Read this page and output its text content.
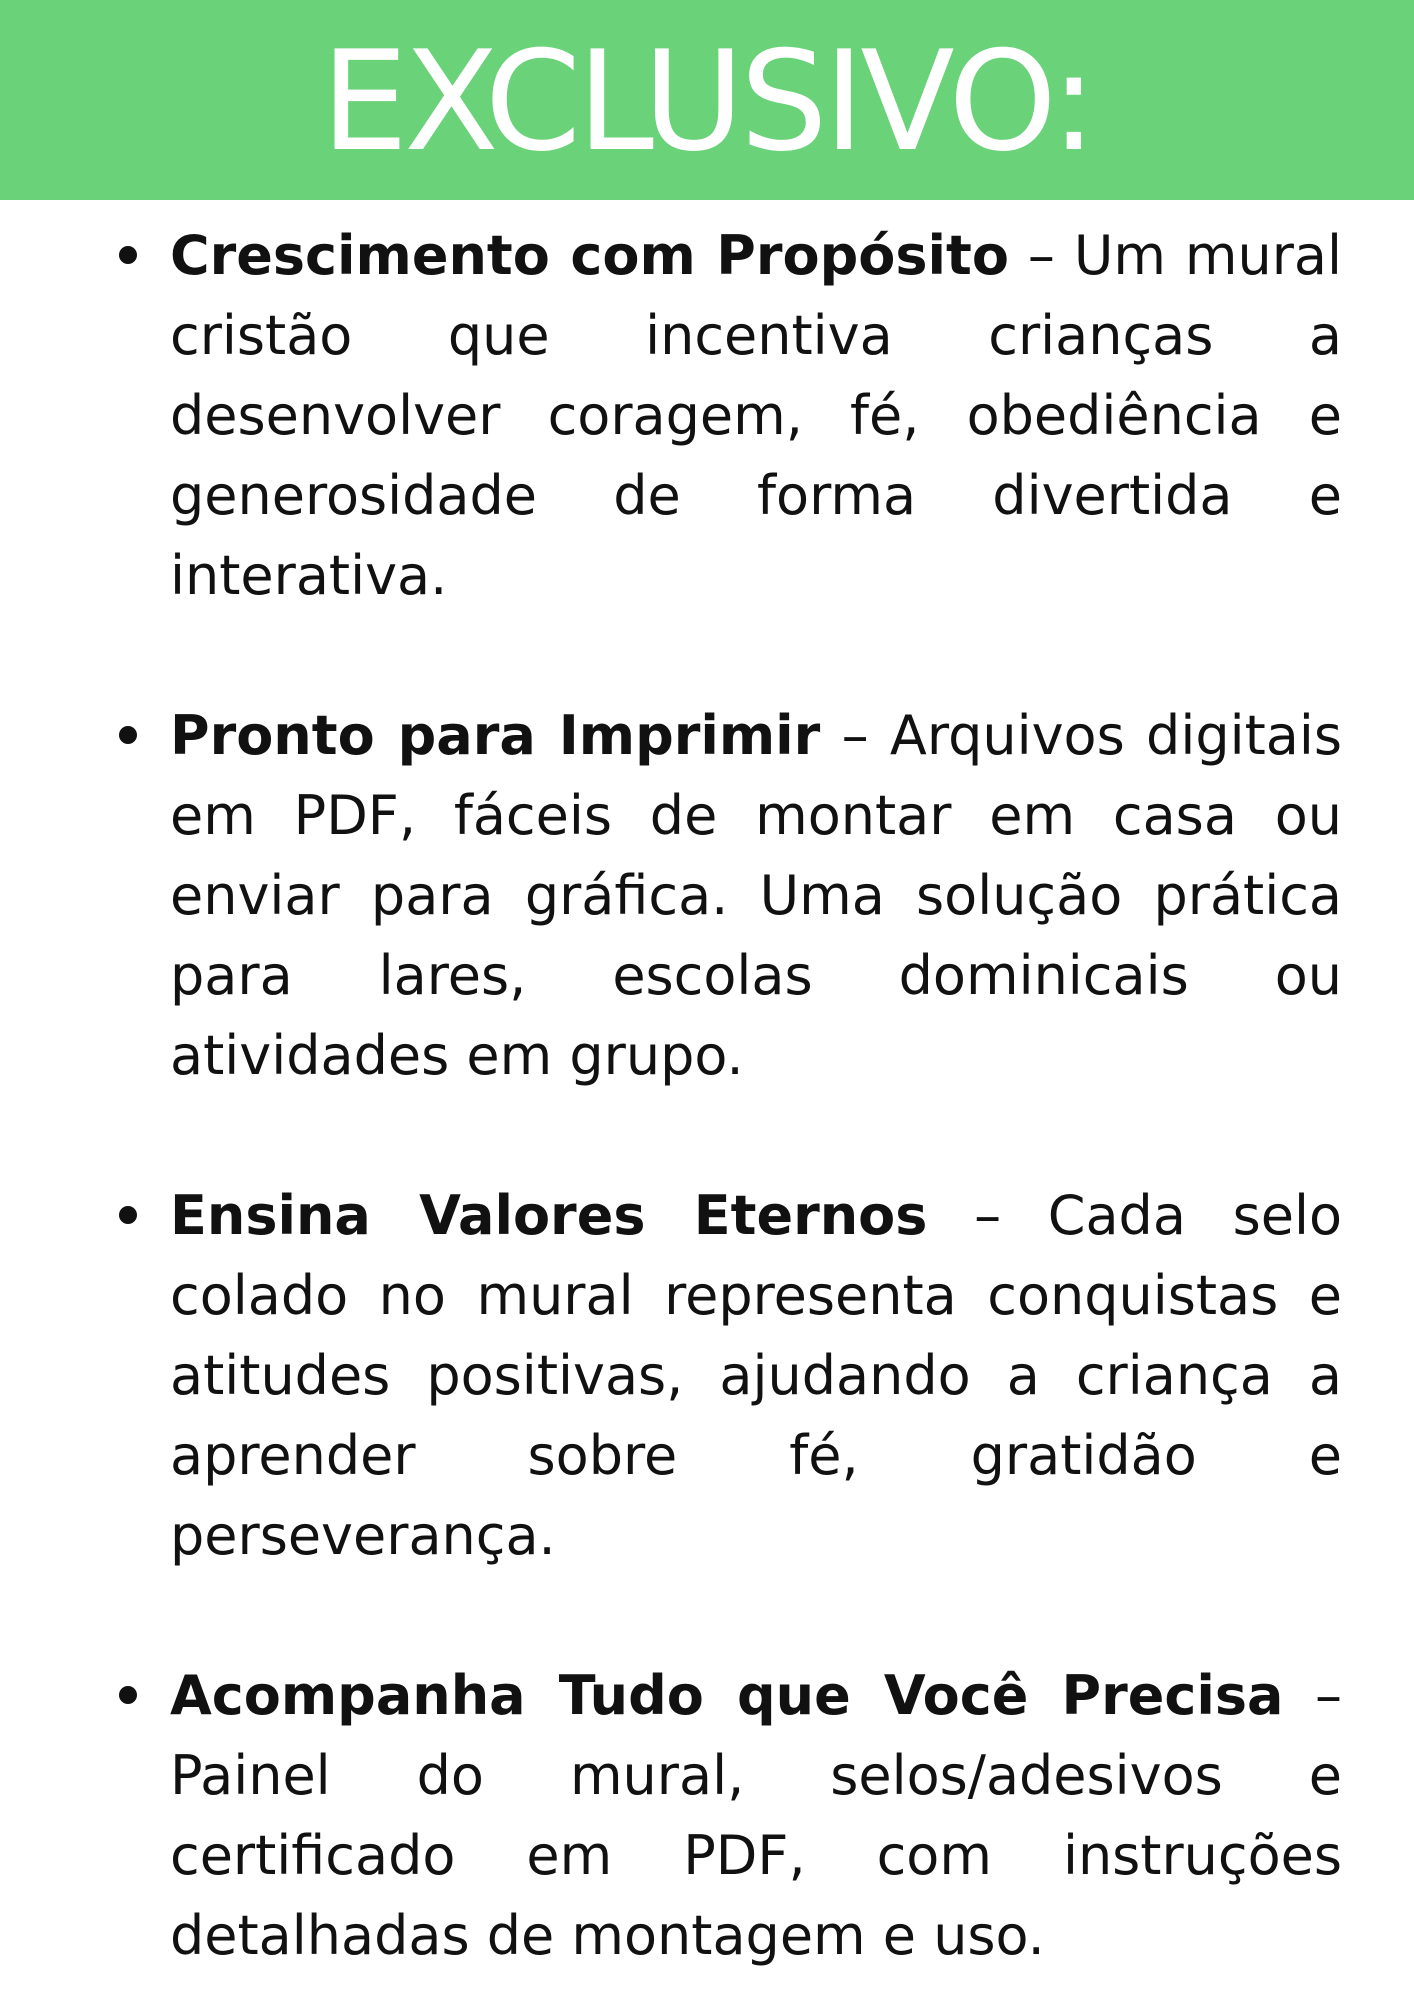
EXCLUSIVO:
Crescimento com Propósito – Um mural cristão que incentiva crianças a desenvolver coragem, fé, obediência e generosidade de forma divertida e interativa.
Pronto para Imprimir – Arquivos digitais em PDF, fáceis de montar em casa ou enviar para gráfica. Uma solução prática para lares, escolas dominicais ou atividades em grupo.
Ensina Valores Eternos – Cada selo colado no mural representa conquistas e atitudes positivas, ajudando a criança a aprender sobre fé, gratidão e perseverança.
Acompanha Tudo que Você Precisa – Painel do mural, selos/adesivos e certificado em PDF, com instruções detalhadas de montagem e uso.
